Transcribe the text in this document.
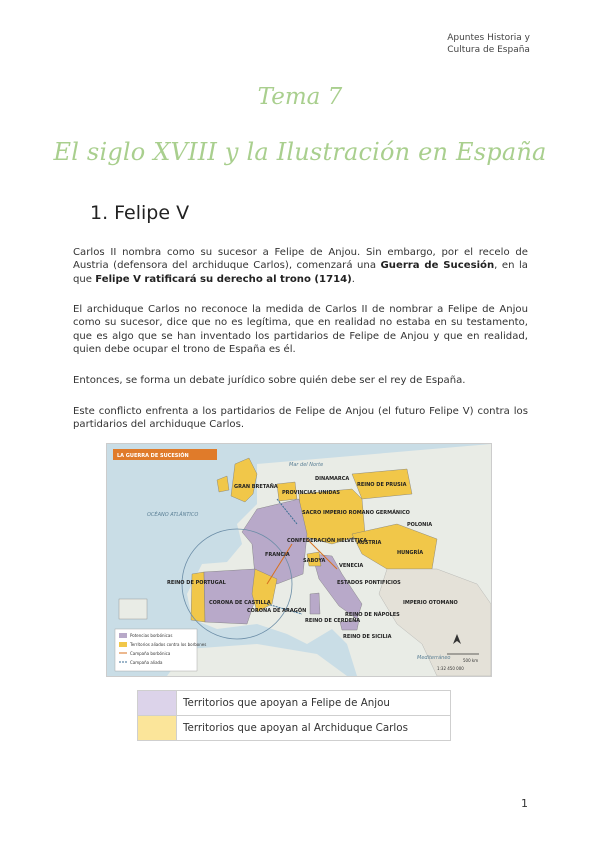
Apuntes Historia y
Cultura de España
Tema 7
El siglo XVIII y la Ilustración en España
1. Felipe V

Carlos II nombra como su sucesor a Felipe de Anjou. Sin embargo, por el recelo de Austria (defensora del archiduque Carlos), comenzará una Guerra de Sucesión, en la que Felipe V ratificará su derecho al trono (1714).

El archiduque Carlos no reconoce la medida de Carlos II de nombrar a Felipe de Anjou como su sucesor, dice que no es legítima, que en realidad no estaba en su testamento, que es algo que se han inventado los partidarios de Felipe de Anjou y que en realidad, quien debe ocupar el trono de España es él.

Entonces, se forma un debate jurídico sobre quién debe ser el rey de España.

Este conflicto enfrenta a los partidarios de Felipe de Anjou (el futuro Felipe V) contra los partidarios del archiduque Carlos.

LA GUERRA DE SUCESIÓN
GRAN BRETAÑA
Mar del Norte
DINAMARCA
PROVINCIAS UNIDAS
REINO DE PRUSIA
OCÉANO ATLÁNTICO	SACRO IMPERIO ROMANO GERMÁNICO
POLONIA
FRANCIA
CONFEDERACIÓN HELVÉTICA
AUSTRIA
HUNGRÍA
SABOYA
VENECIA
REINO DE PORTUGAL	ESTADOS PONTIFICIOS
CORONA DE CASTILLA
CORONA DE ARAGÓN
IMPERIO OTOMANO
REINO DE CERDEÑA
REINO DE NÁPOLES
REINO DE SICILIA
Mediterráneo
Potencias borbónicas
Territorios aliados contra los borbones
Campaña borbónica
Campaña aliada	500 km
1:32 450 000
	Territorios que apoyan a Felipe de Anjou
	Territorios que apoyan al Archiduque Carlos
1
